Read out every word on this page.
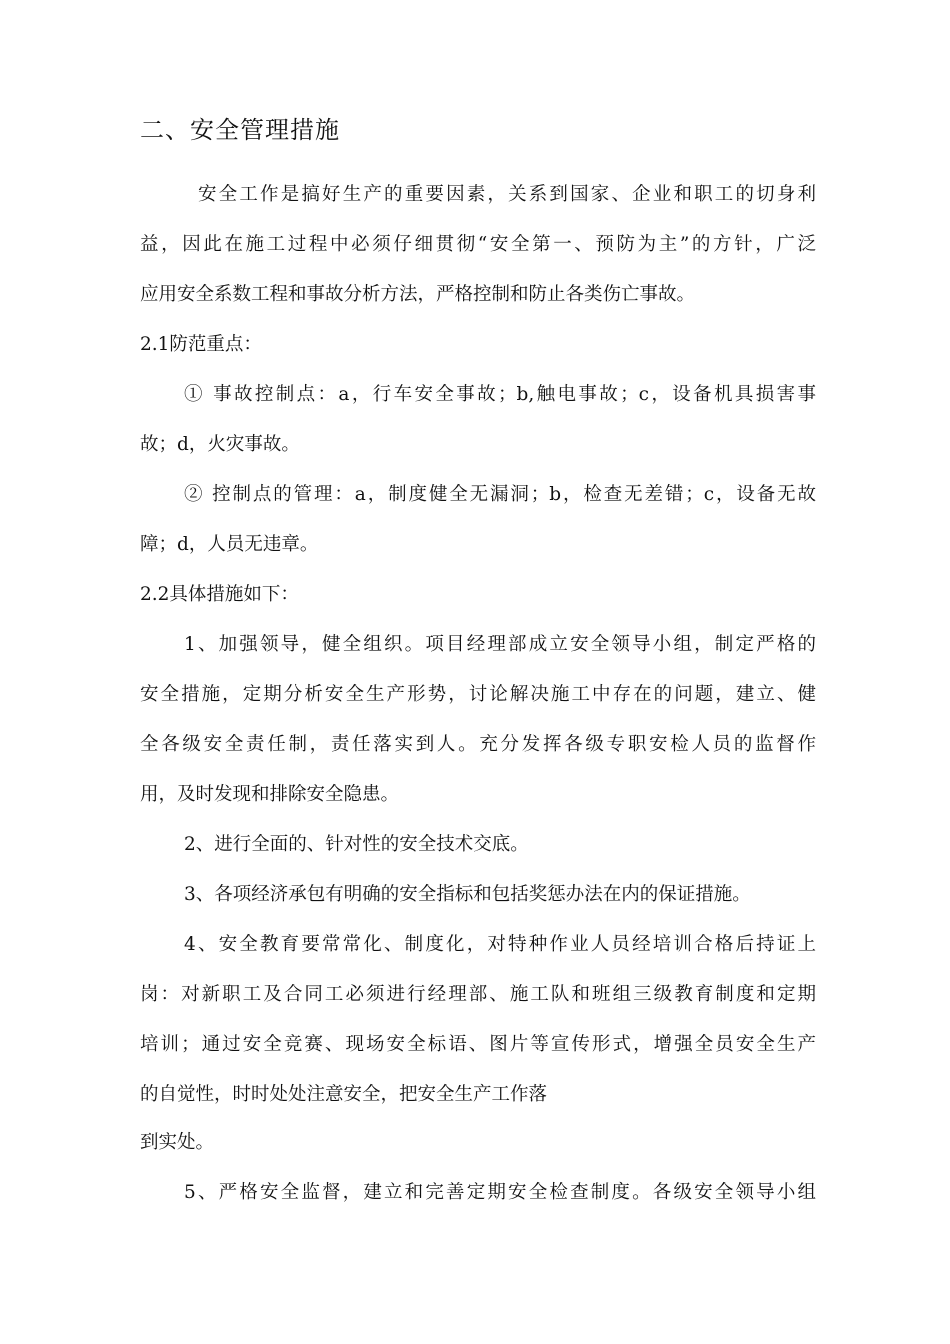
二、安全管理措施
安全工作是搞好生产的重要因素，关系到国家、企业和职工的切身利
益，因此在施工过程中必须仔细贯彻“安全第一、预防为主”的方针，广泛
应用安全系数工程和事故分析方法，严格控制和防止各类伤亡事故。
2.1防范重点：
① 事故控制点：a，行车安全事故；b,触电事故；c，设备机具损害事
故；d，火灾事故。
② 控制点的管理：a，制度健全无漏洞；b，检查无差错；c，设备无故
障；d，人员无违章。
2.2具体措施如下：
1、加强领导，健全组织。项目经理部成立安全领导小组，制定严格的
安全措施，定期分析安全生产形势，讨论解决施工中存在的问题，建立、健
全各级安全责任制，责任落实到人。充分发挥各级专职安检人员的监督作
用，及时发现和排除安全隐患。
2、进行全面的、针对性的安全技术交底。
3、各项经济承包有明确的安全指标和包括奖惩办法在内的保证措施。
4、安全教育要常常化、制度化，对特种作业人员经培训合格后持证上
岗：对新职工及合同工必须进行经理部、施工队和班组三级教育制度和定期
培训；通过安全竞赛、现场安全标语、图片等宣传形式，增强全员安全生产
的自觉性，时时处处注意安全，把安全生产工作落
到实处。
5、严格安全监督，建立和完善定期安全检查制度。各级安全领导小组
